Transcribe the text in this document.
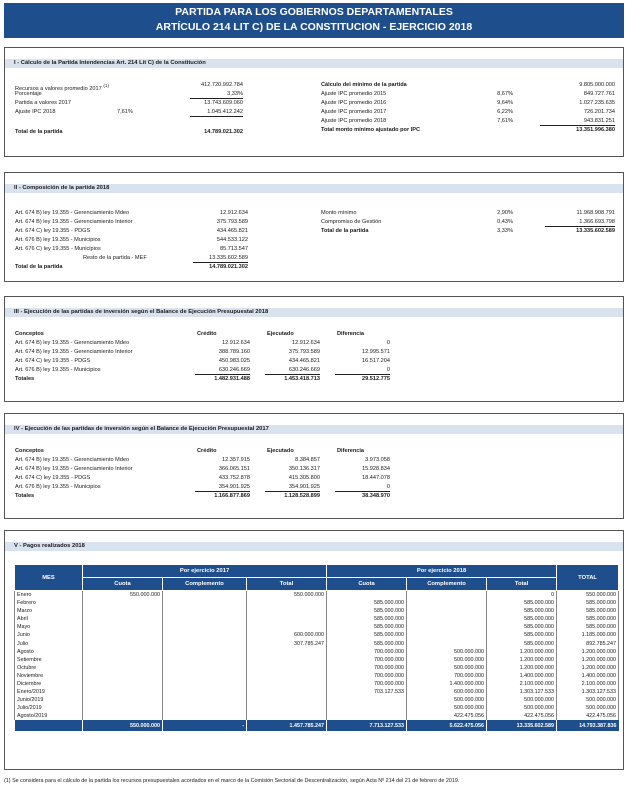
PARTIDA PARA LOS GOBIERNOS DEPARTAMENTALES
ARTÍCULO 214 LIT C) DE LA CONSTITUCION - EJERCICIO 2018
I - Cálculo de la Partida Intendencias Art. 214 Lit C) de la Constitución
Recursos a valores promedio 2017 $^{(1)}$	412.720.992.784
Porcentaje	3,33%
Partida a valores 2017	13.743.609.060
Ajuste IPC 2018	7,61%	1.045.412.242
Total de la partida	14.789.021.302
Cálculo del mínimo de la partida	9.805.000.000
Ajuste IPC promedio 2015	8,67%	849.727.761
Ajuste IPC promedio 2016	9,64%	1.027.235.635
Ajuste IPC promedio 2017	6,22%	726.201.734
Ajuste IPC promedio 2018	7,61%	943.831.251
Total monto mínimo ajustado por IPC	13.351.996.380
II - Composición de la partida 2018
Art. 674 B) ley 19.355 - Gerenciamiento Mdeo	12.912.634
Art. 674 B) ley 19.355 - Gerenciamiento Interior	375.793.589
Art. 674 C) ley 19.355 - PDGS	434.465.821
Art. 676 B) ley 19.355 - Municipios	544.533.122
Art. 676 C) ley 19.355 - Municipios	85.713.547
Resto de la partida - MEF	13.335.602.589
Total de la partida	14.789.021.302
Monto mínimo	2,90%	11.968.908.791
Compromiso de Gestión	0,43%	1.366.693.798
Total de la partida	3,33%	13.335.602.589
III - Ejecución de las partidas de inversión según el Balance de Ejecución Presupuestal 2018
Conceptos	Crédito	Ejecutado	Diferencia
Art. 674 B) ley 19.355 - Gerenciamiento Mdeo	12.912.634	12.912.634	0
Art. 674 B) ley 19.355 - Gerenciamiento Interior	388.789.160	375.793.589	12.995.571
Art. 674 C) ley 19.355 - PDGS	450.983.025	434.465.821	16.517.204
Art. 676 B) ley 19.355 - Municipios	630.246.669	630.246.669	0
Totales	1.482.931.488	1.453.418.713	29.512.775
IV - Ejecución de las partidas de inversión según el Balance de Ejecución Presupuestal 2017
Conceptos	Crédito	Ejecutado	Diferencia
Art. 674 B) ley 19.355 - Gerenciamiento Mdeo	12.357.915	8.384.857	3.973.058
Art. 674 B) ley 19.355 - Gerenciamiento Interior	366.065.151	350.136.317	15.928.834
Art. 674 C) ley 19.355 - PDGS	433.752.878	415.305.800	18.447.078
Art. 676 B) ley 19.355 - Municipios	354.901.925	354.901.925	0
Totales	1.166.877.869	1.128.528.899	38.348.970
V - Pagos realizados 2018
MES	Por ejercicio 2017			Por ejercicio 2018			TOTAL
	Cuota	Complemento	Total	Cuota	Complemento	Total	
Enero	550.000.000		550.000.000			0	550.000.000
Febrero				585.000.000		585.000.000	585.000.000
Marzo				585.000.000		585.000.000	585.000.000
Abril				585.000.000		585.000.000	585.000.000
Mayo				585.000.000		585.000.000	585.000.000
Junio			600.000.000	585.000.000		585.000.000	1.185.000.000
Julio			307.785.247	585.000.000		585.000.000	892.785.247
Agosto				700.000.000	500.000.000	1.200.000.000	1.200.000.000
Setiembre				700.000.000	500.000.000	1.200.000.000	1.200.000.000
Octubre				700.000.000	500.000.000	1.200.000.000	1.200.000.000
Noviembre				700.000.000	700.000.000	1.400.000.000	1.400.000.000
Diciembre				700.000.000	1.400.000.000	2.100.000.000	2.100.000.000
Enero/2019				703.127.533	600.000.000	1.303.127.533	1.303.127.533
Junio/2019					500.000.000	500.000.000	500.000.000
Julio/2019					500.000.000	500.000.000	500.000.000
Agosto/2019					422.475.056	422.475.056	422.475.056
	550.000.000	-	1.457.785.247	7.713.127.533	5.622.475.056	13.335.602.589	14.793.387.836
(1) Se considera para el cálculo de la partida los recursos presupuestales acordados en el marco de la Comisión Sectorial de Descentralización, según Acta Nº 214 del 21 de febrero de 2019.
